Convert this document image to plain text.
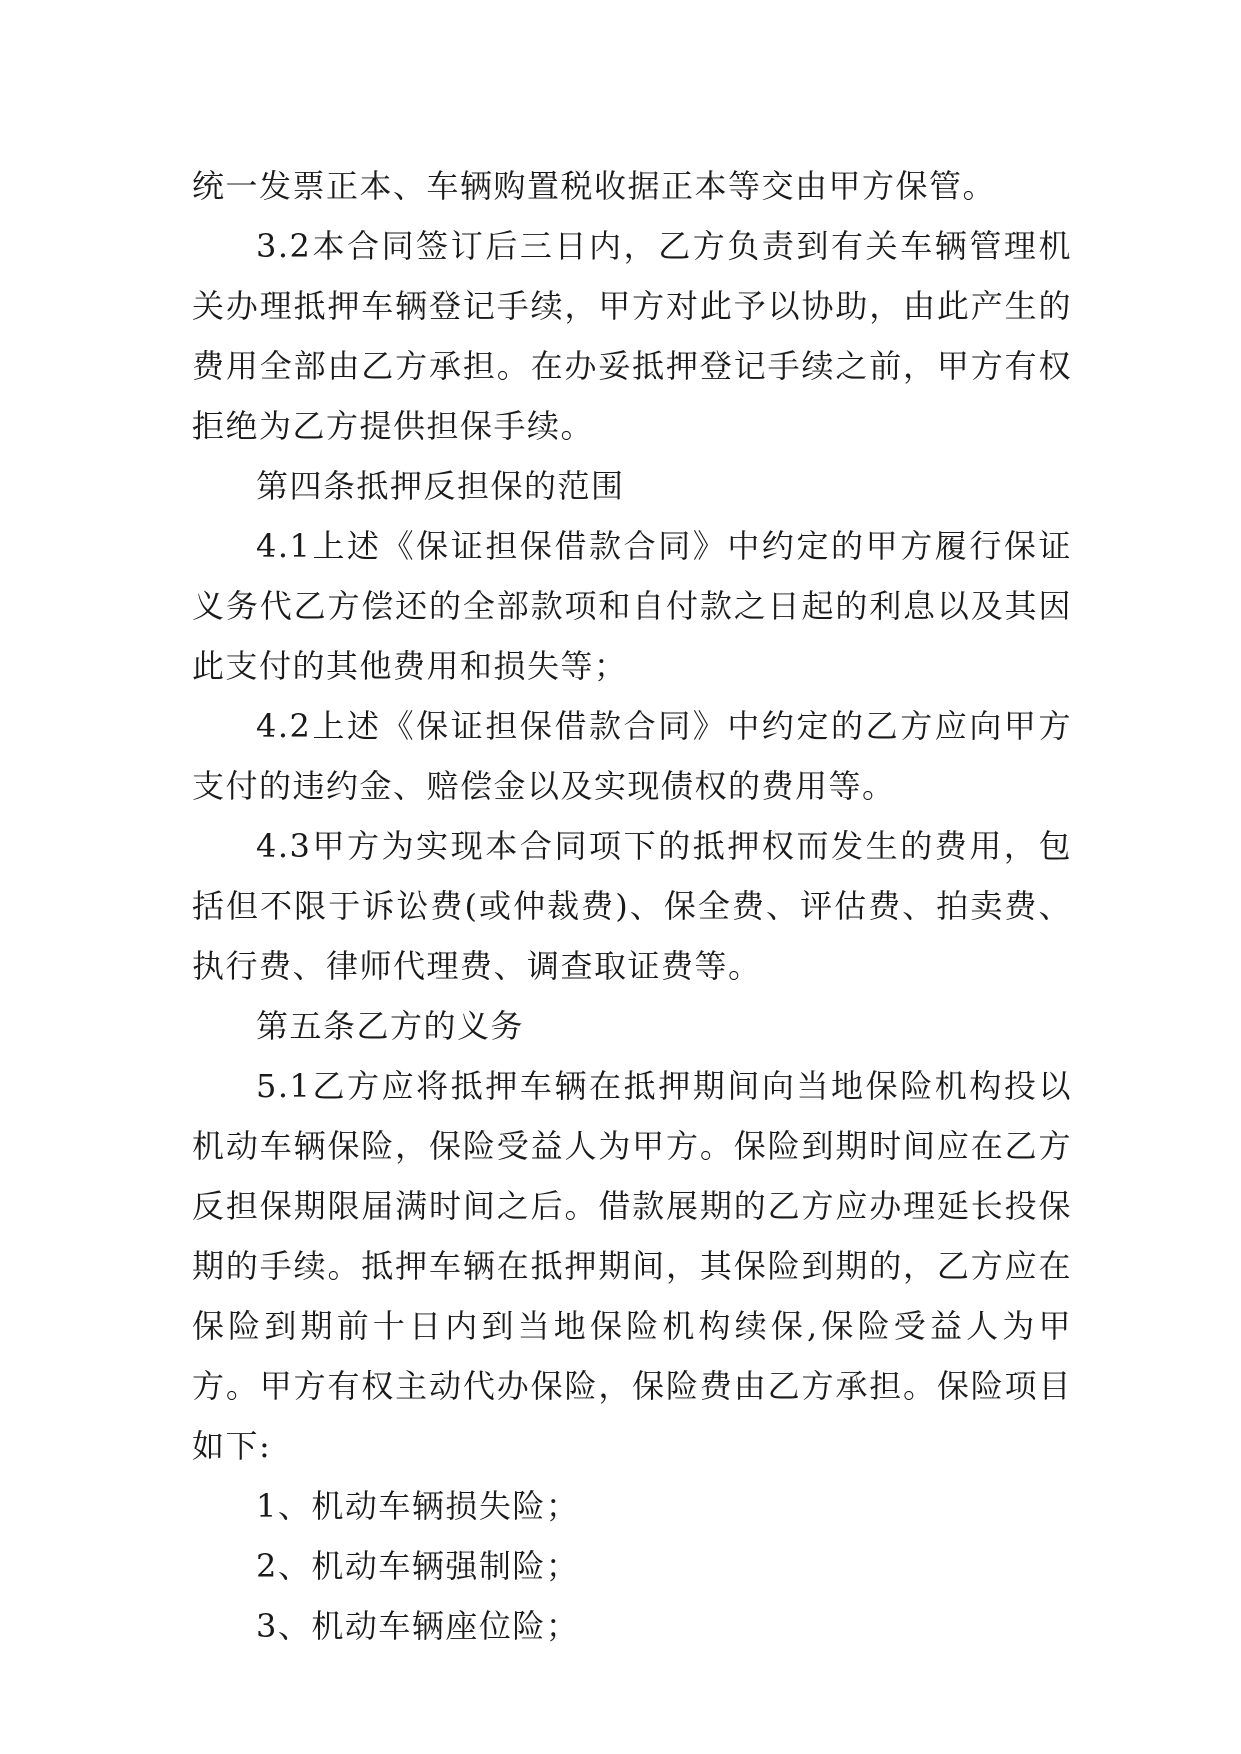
统一发票正本、车辆购置税收据正本等交由甲方保管。

3.2本合同签订后三日内，乙方负责到有关车辆管理机关办理抵押车辆登记手续，甲方对此予以协助，由此产生的费用全部由乙方承担。在办妥抵押登记手续之前，甲方有权拒绝为乙方提供担保手续。

第四条抵押反担保的范围

4.1上述《保证担保借款合同》中约定的甲方履行保证义务代乙方偿还的全部款项和自付款之日起的利息以及其因此支付的其他费用和损失等；

4.2上述《保证担保借款合同》中约定的乙方应向甲方支付的违约金、赔偿金以及实现债权的费用等。

4.3甲方为实现本合同项下的抵押权而发生的费用，包括但不限于诉讼费(或仲裁费)、保全费、评估费、拍卖费、执行费、律师代理费、调查取证费等。

第五条乙方的义务

5.1乙方应将抵押车辆在抵押期间向当地保险机构投以机动车辆保险，保险受益人为甲方。保险到期时间应在乙方反担保期限届满时间之后。借款展期的乙方应办理延长投保期的手续。抵押车辆在抵押期间，其保险到期的，乙方应在保险到期前十日内到当地保险机构续保,保险受益人为甲方。甲方有权主动代办保险，保险费由乙方承担。保险项目如下:

1、机动车辆损失险；

2、机动车辆强制险；

3、机动车辆座位险；
